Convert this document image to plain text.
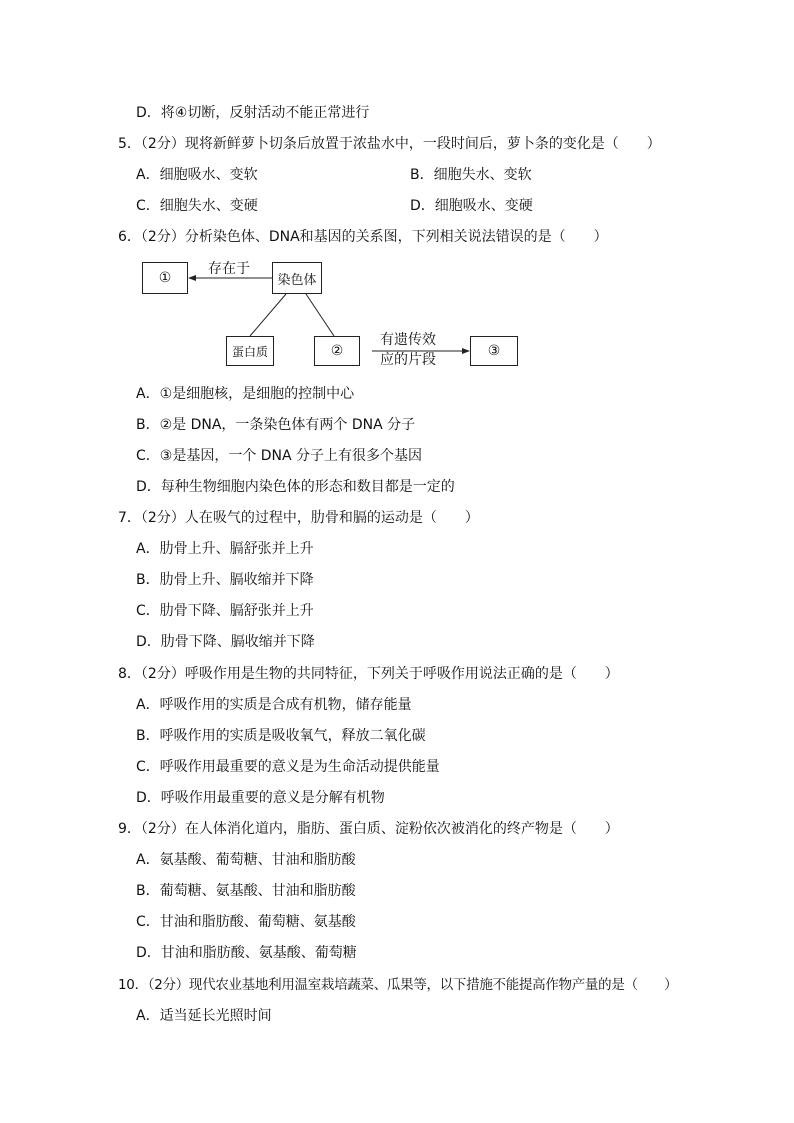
D．将④切断，反射活动不能正常进行
5．（2分）现将新鲜萝卜切条后放置于浓盐水中，一段时间后，萝卜条的变化是（　　）
A．细胞吸水、变软	B．细胞失水、变软
C．细胞失水、变硬	D．细胞吸水、变硬
6．（2分）分析染色体、DNA和基因的关系图，下列相关说法错误的是（　　）
①
存在于
染色体
蛋白质	②
有遗传效
应的片段
③
A．①是细胞核，是细胞的控制中心
B．②是 DNA，一条染色体有两个 DNA 分子
C．③是基因，一个 DNA 分子上有很多个基因
D．每种生物细胞内染色体的形态和数目都是一定的
7．（2分）人在吸气的过程中，肋骨和膈的运动是（　　）
A．肋骨上升、膈舒张并上升
B．肋骨上升、膈收缩并下降
C．肋骨下降、膈舒张并上升
D．肋骨下降、膈收缩并下降
8．（2分）呼吸作用是生物的共同特征，下列关于呼吸作用说法正确的是（　　）
A．呼吸作用的实质是合成有机物，储存能量
B．呼吸作用的实质是吸收氧气，释放二氧化碳
C．呼吸作用最重要的意义是为生命活动提供能量
D．呼吸作用最重要的意义是分解有机物
9．（2分）在人体消化道内，脂肪、蛋白质、淀粉依次被消化的终产物是（　　）
A．氨基酸、葡萄糖、甘油和脂肪酸
B．葡萄糖、氨基酸、甘油和脂肪酸
C．甘油和脂肪酸、葡萄糖、氨基酸
D．甘油和脂肪酸、氨基酸、葡萄糖
10．（2分）现代农业基地利用温室栽培蔬菜、瓜果等，以下措施不能提高作物产量的是（　　）
A．适当延长光照时间
